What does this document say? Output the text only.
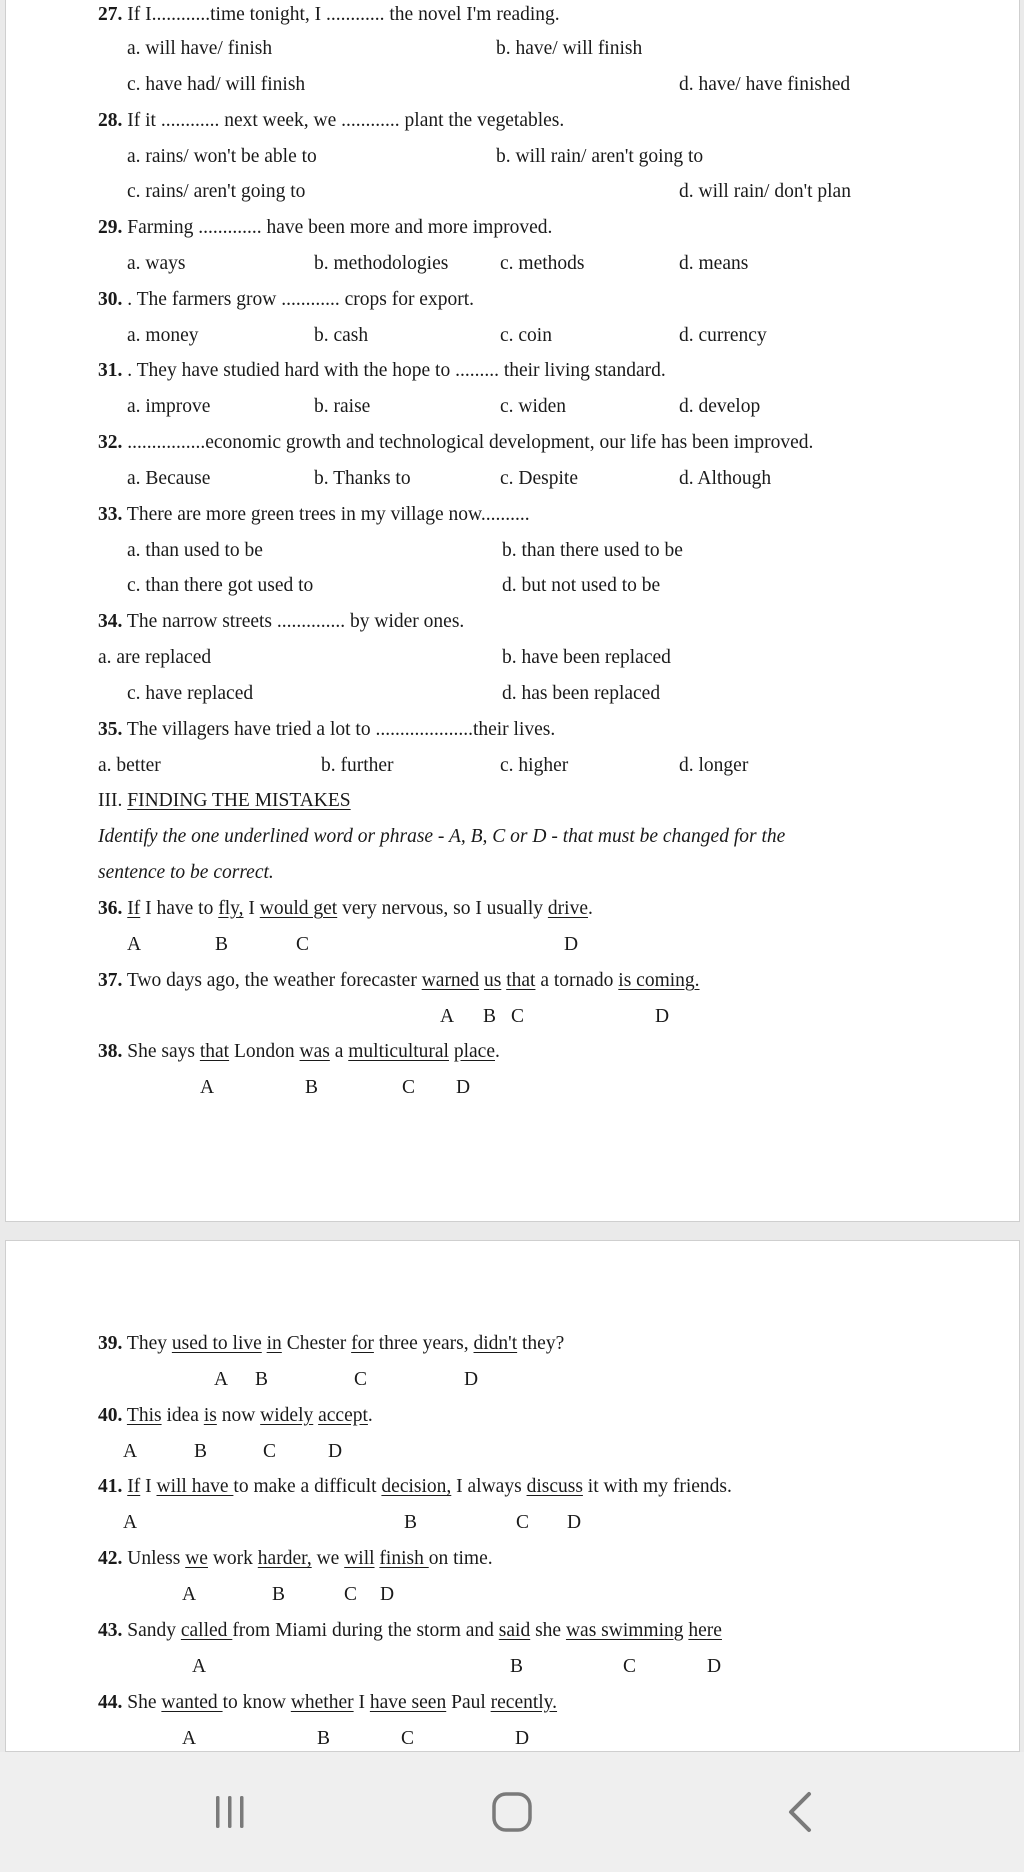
27. If I............time tonight, I ............ the novel I'm reading.
a. will have/ finish	b. have/ will finish
c. have had/ will finish	d. have/ have finished
28. If it ............ next week, we ............ plant the vegetables.
a. rains/ won't be able to	b. will rain/ aren't going to
c. rains/ aren't going to	d. will rain/ don't plan
29. Farming ............. have been more and more improved.
a. ways	b. methodologies	c. methods	d. means
30. . The farmers grow ............ crops for export.
a. money	b. cash	c. coin	d. currency
31. . They have studied hard with the hope to ......... their living standard.
a. improve	b. raise	c. widen	d. develop
32. ................economic growth and technological development, our life has been improved.
a. Because	b. Thanks to	c. Despite	d. Although
33. There are more green trees in my village now..........
a. than used to be	b. than there used to be
c. than there got used to	d. but not used to be
34. The narrow streets .............. by wider ones.
a. are replaced	b. have been replaced
c. have replaced	d. has been replaced
35. The villagers have tried a lot to ....................their lives.
a. better	b. further	c. higher	d. longer
III. FINDING THE MISTAKES
Identify the one underlined word or phrase - A, B, C or D - that must be changed for the
sentence to be correct.
36. If I have to fly, I would get very nervous, so I usually drive.
A	B	C	D
37. Two days ago, the weather forecaster warned us that a tornado is coming.
A B C	D
38. She says that London was a multicultural place.
A	B	C D
39. They used to live in Chester for three years, didn't they?
A B	C	D
40. This idea is now widely accept.
A	B	C	D
41. If I will have to make a difficult decision, I always discuss it with my friends.
A	B	C D
42. Unless we work harder, we will finish on time.
A	B	C D
43. Sandy called from Miami during the storm and said she was swimming here
A	B	C	D
44. She wanted to know whether I have seen Paul recently.
A	B	C	D
